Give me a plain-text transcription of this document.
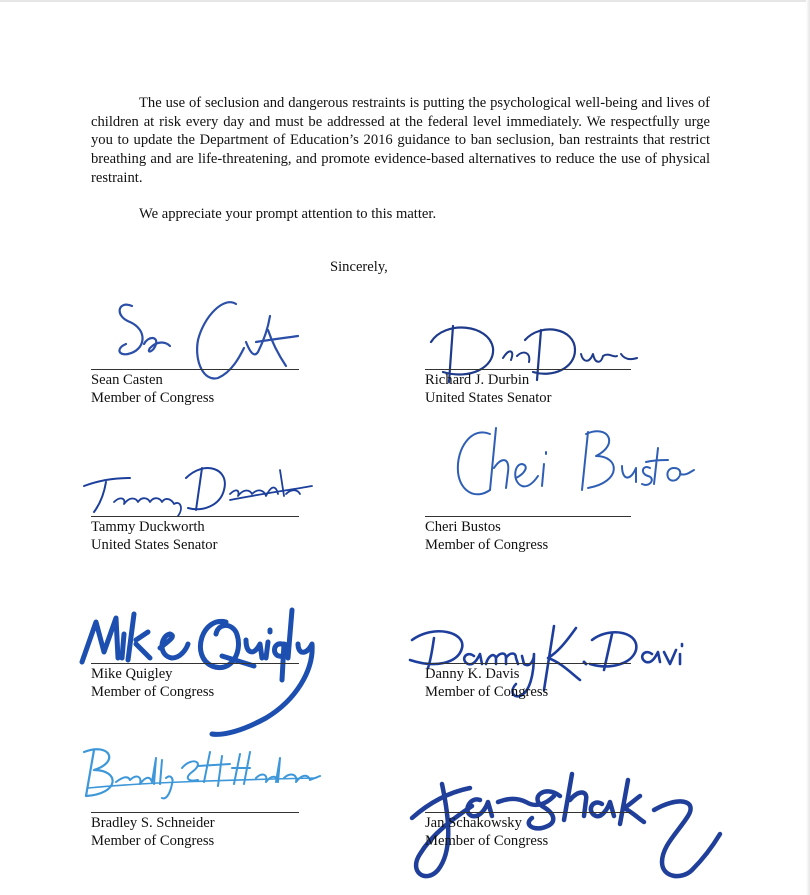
The use of seclusion and dangerous restraints is putting the psychological well-being and lives of children at risk every day and must be addressed at the federal level immediately. We respectfully urge you to update the Department of Education’s 2016 guidance to ban seclusion, ban restraints that restrict breathing and are life-threatening, and promote evidence-based alternatives to reduce the use of physical restraint.

We appreciate your prompt attention to this matter.

Sincerely,

Sean Casten
Member of Congress
Richard J. Durbin
United States Senator
Tammy Duckworth
United States Senator
Cheri Bustos
Member of Congress
Mike Quigley
Member of Congress
Danny K. Davis
Member of Congress
Bradley S. Schneider
Member of Congress
Jan Schakowsky
Member of Congress
